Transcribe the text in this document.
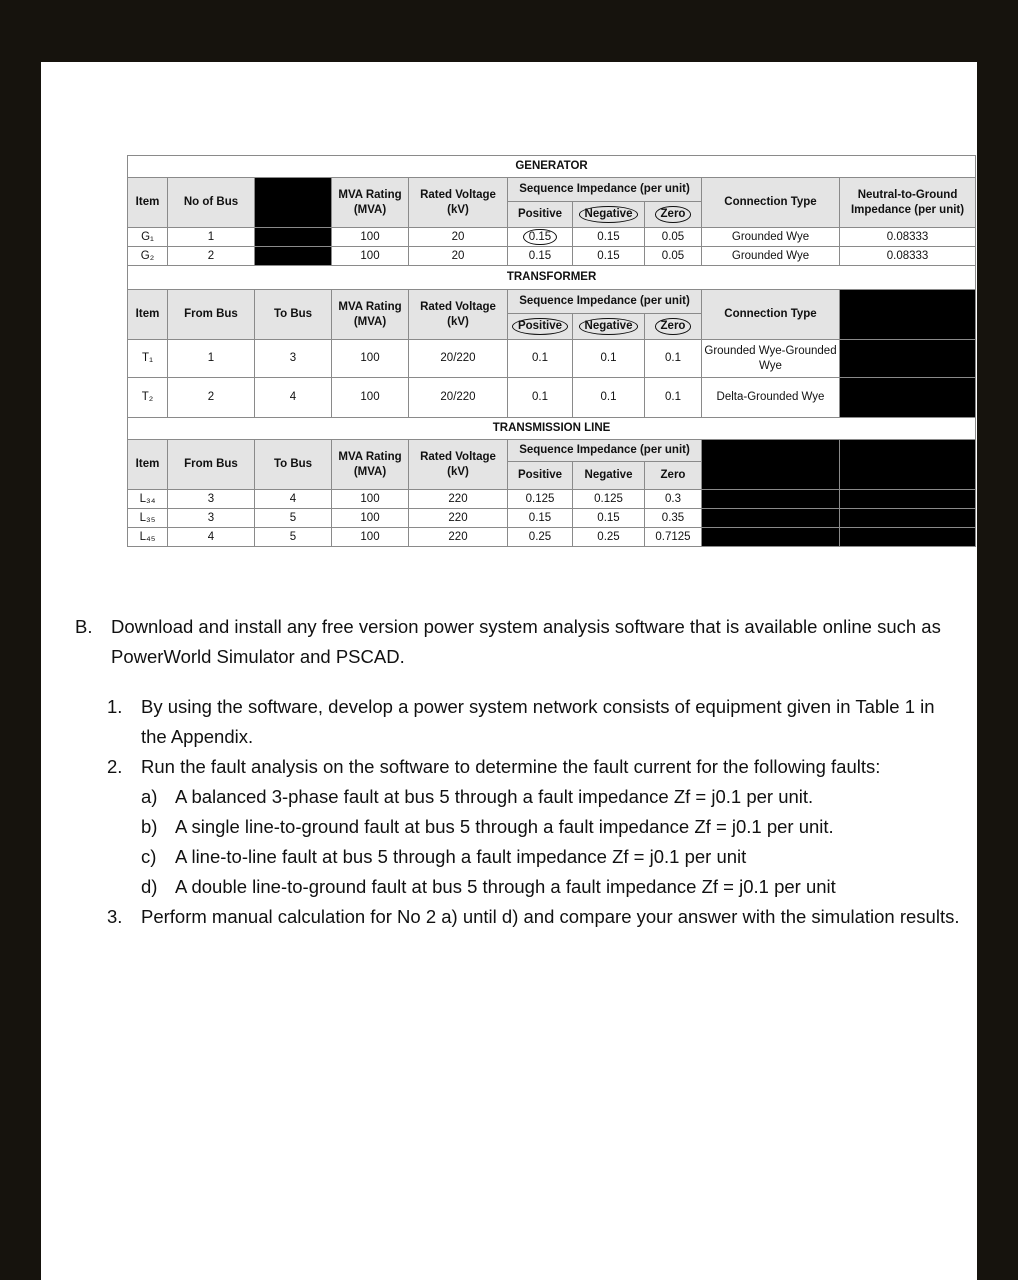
GENERATOR									
Item	No of Bus		MVA Rating (MVA)	Rated Voltage (kV)	Sequence Impedance (per unit)			Connection Type	Neutral-to-Ground Impedance (per unit)
					Positive	Negative	Zero		
G₁	1		100	20	0.15	0.15	0.05	Grounded Wye	0.08333
G₂	2		100	20	0.15	0.15	0.05	Grounded Wye	0.08333
TRANSFORMER									
Item	From Bus	To Bus	MVA Rating (MVA)	Rated Voltage (kV)	Sequence Impedance (per unit)			Connection Type	
					Positive	Negative	Zero		
T₁	1	3	100	20/220	0.1	0.1	0.1	Grounded Wye-Grounded Wye	
T₂	2	4	100	20/220	0.1	0.1	0.1	Delta-Grounded Wye	
TRANSMISSION LINE									
Item	From Bus	To Bus	MVA Rating (MVA)	Rated Voltage (kV)	Sequence Impedance (per unit)				
					Positive	Negative	Zero		
L₃₄	3	4	100	220	0.125	0.125	0.3		
L₃₅	3	5	100	220	0.15	0.15	0.35		
L₄₅	4	5	100	220	0.25	0.25	0.7125		
B. Download and install any free version power system analysis software that is available online such as PowerWorld Simulator and PSCAD.
1. By using the software, develop a power system network consists of equipment given in Table 1 in the Appendix.
2. Run the fault analysis on the software to determine the fault current for the following faults:
a) A balanced 3-phase fault at bus 5 through a fault impedance Zf = j0.1 per unit.
b) A single line-to-ground fault at bus 5 through a fault impedance Zf = j0.1 per unit.
c) A line-to-line fault at bus 5 through a fault impedance Zf = j0.1 per unit
d) A double line-to-ground fault at bus 5 through a fault impedance Zf = j0.1 per unit
3. Perform manual calculation for No 2 a) until d) and compare your answer with the simulation results.
